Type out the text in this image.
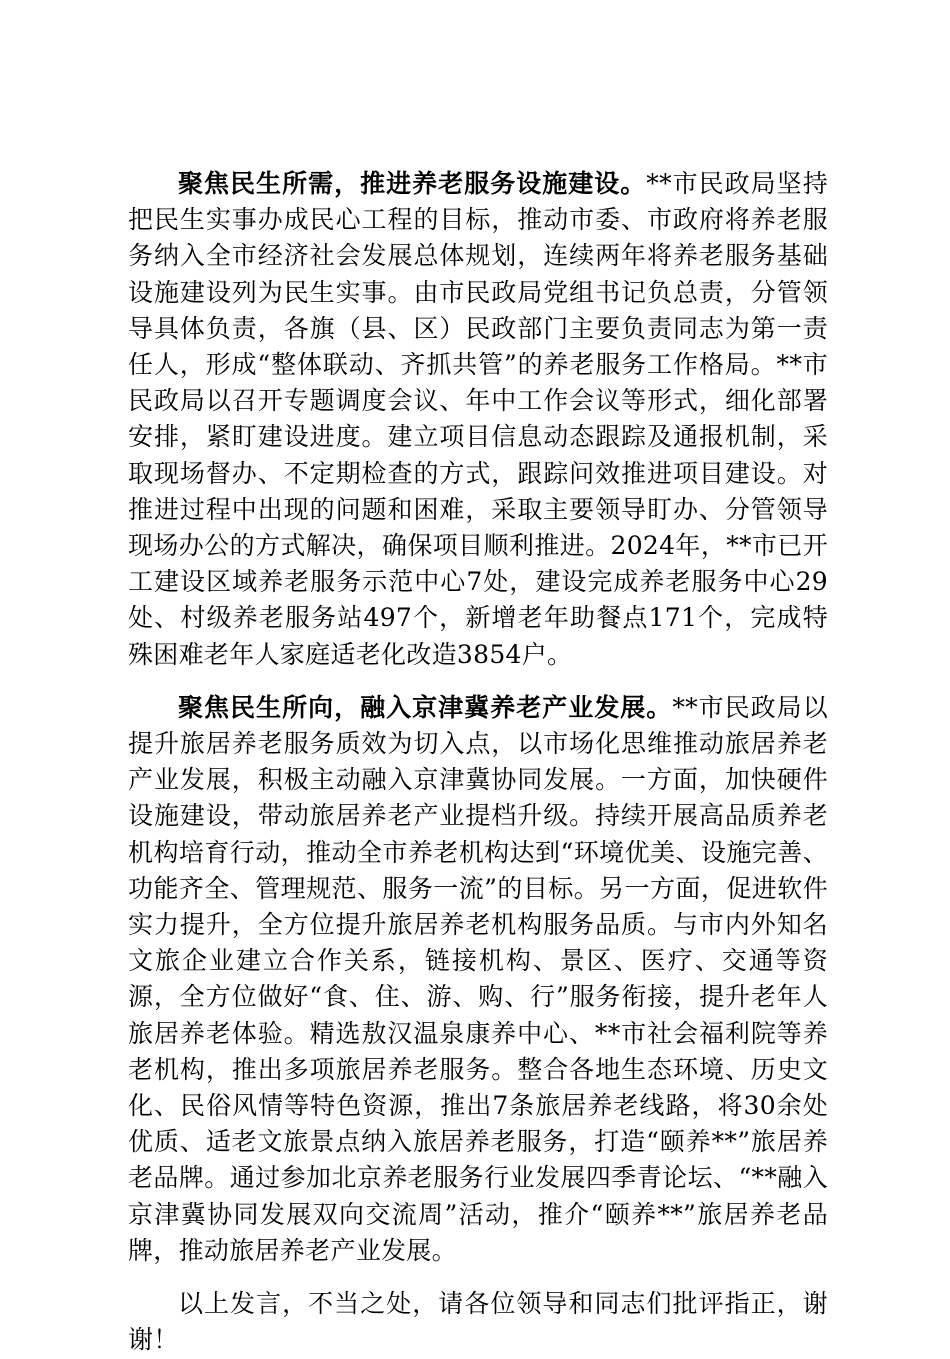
聚焦民生所需，推进养老服务设施建设。**市民政局坚持把民生实事办成民心工程的目标，推动市委、市政府将养老服务纳入全市经济社会发展总体规划，连续两年将养老服务基础设施建设列为民生实事。由市民政局党组书记负总责，分管领导具体负责，各旗（县、区）民政部门主要负责同志为第一责任人，形成“整体联动、齐抓共管”的养老服务工作格局。**市民政局以召开专题调度会议、年中工作会议等形式，细化部署安排，紧盯建设进度。建立项目信息动态跟踪及通报机制，采取现场督办、不定期检查的方式，跟踪问效推进项目建设。对推进过程中出现的问题和困难，采取主要领导盯办、分管领导现场办公的方式解决，确保项目顺利推进。2024年，**市已开工建设区域养老服务示范中心7处，建设完成养老服务中心29处、村级养老服务站497个，新增老年助餐点171个，完成特殊困难老年人家庭适老化改造3854户。

聚焦民生所向，融入京津冀养老产业发展。**市民政局以提升旅居养老服务质效为切入点，以市场化思维推动旅居养老产业发展，积极主动融入京津冀协同发展。一方面，加快硬件设施建设，带动旅居养老产业提档升级。持续开展高品质养老机构培育行动，推动全市养老机构达到“环境优美、设施完善、功能齐全、管理规范、服务一流”的目标。另一方面，促进软件实力提升，全方位提升旅居养老机构服务品质。与市内外知名文旅企业建立合作关系，链接机构、景区、医疗、交通等资源，全方位做好“食、住、游、购、行”服务衔接，提升老年人旅居养老体验。精选敖汉温泉康养中心、**市社会福利院等养老机构，推出多项旅居养老服务。整合各地生态环境、历史文化、民俗风情等特色资源，推出7条旅居养老线路，将30余处优质、适老文旅景点纳入旅居养老服务，打造“颐养**”旅居养老品牌。通过参加北京养老服务行业发展四季青论坛、“**融入京津冀协同发展双向交流周”活动，推介“颐养**”旅居养老品牌，推动旅居养老产业发展。

以上发言，不当之处，请各位领导和同志们批评指正，谢谢！
